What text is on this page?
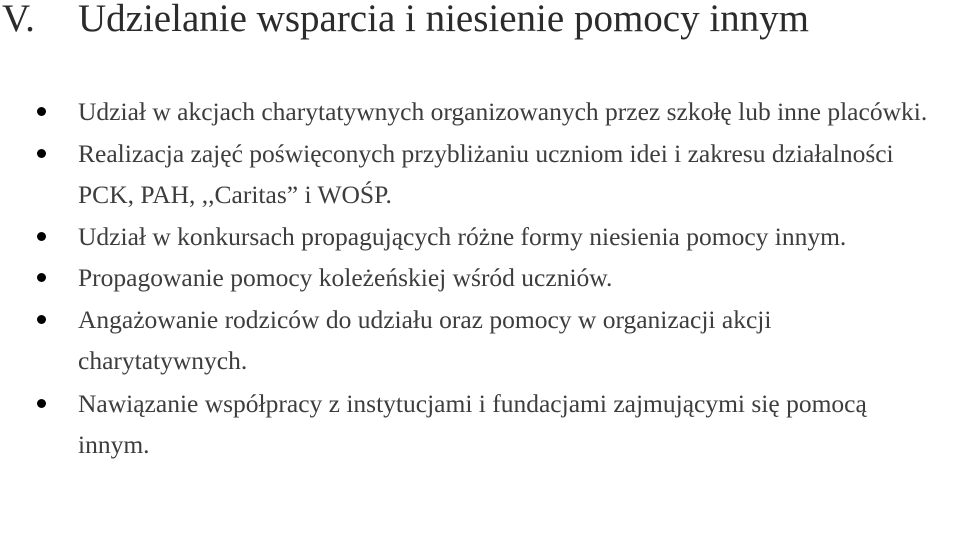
V. Udzielanie wsparcia i niesienie pomocy innym
Udział w akcjach charytatywnych organizowanych przez szkołę lub inne placówki.
Realizacja zajęć poświęconych przybliżaniu uczniom idei i zakresu działalności PCK, PAH, ,,Caritas” i WOŚP.
Udział w konkursach propagujących różne formy niesienia pomocy innym.
Propagowanie pomocy koleżeńskiej wśród uczniów.
Angażowanie rodziców do udziału oraz pomocy w organizacji akcji charytatywnych.
Nawiązanie współpracy z instytucjami i fundacjami zajmującymi się pomocą innym.
